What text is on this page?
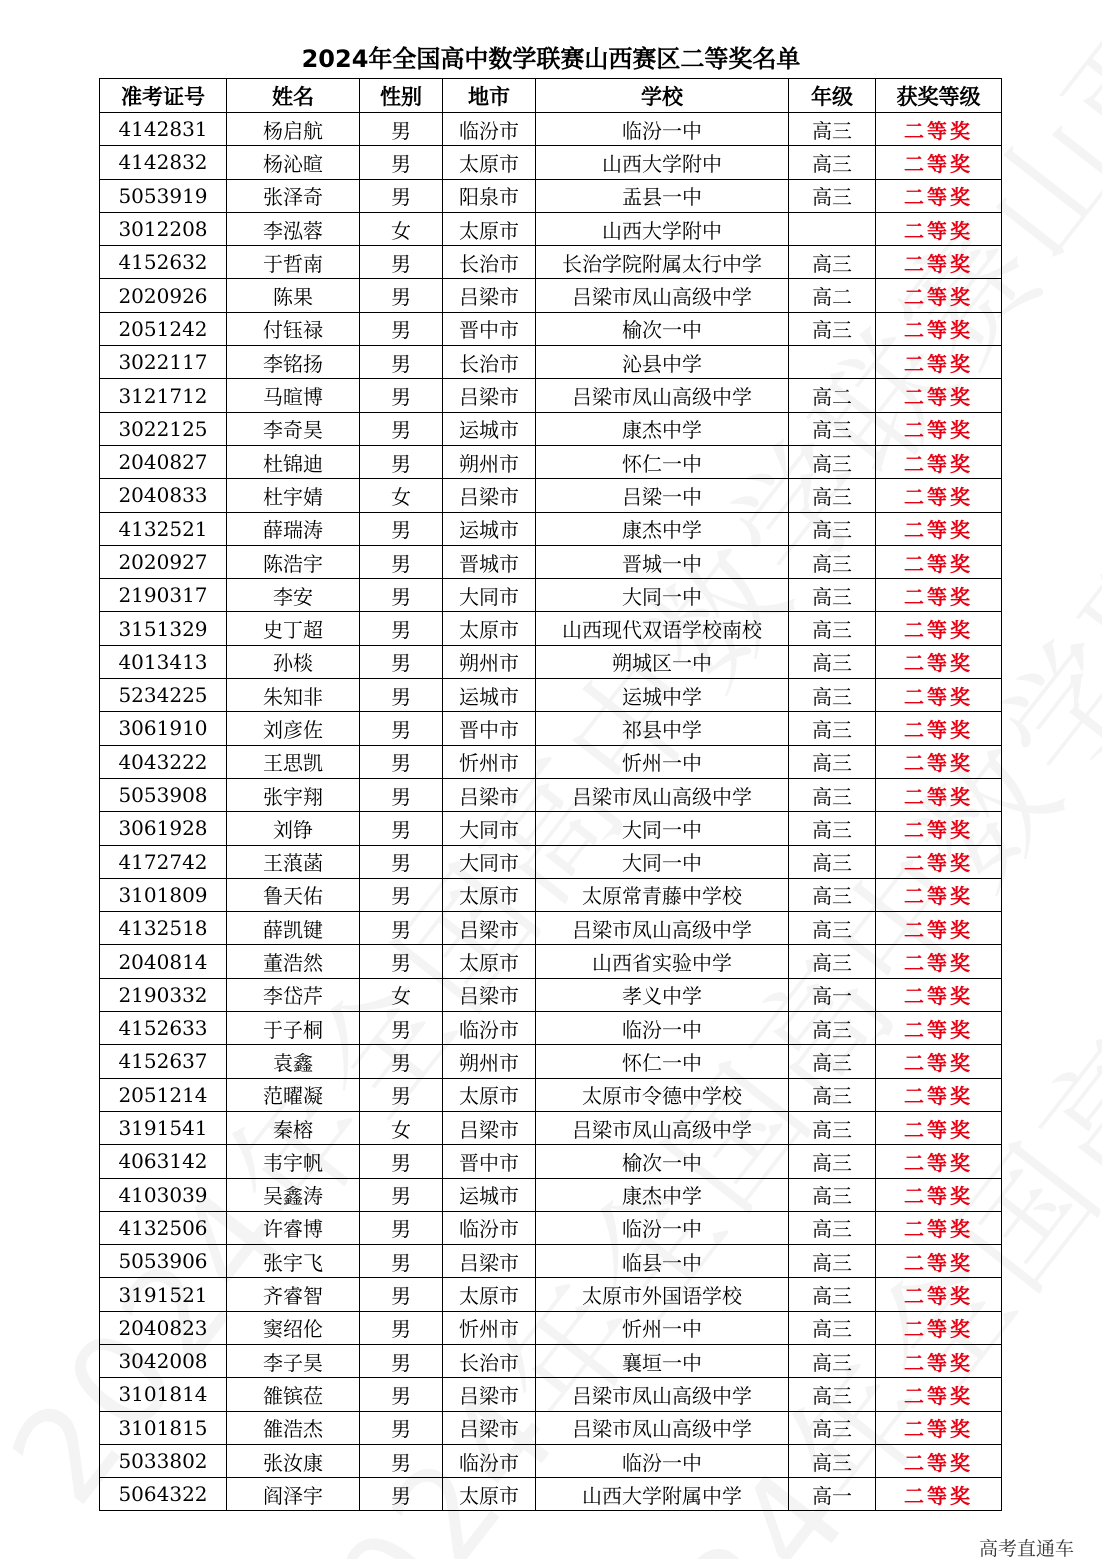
2024年全国高中数学联赛山西赛区二等奖名单
准考证号	姓名	性别	地市	学校	年级	获奖等级
4142831	杨启航	男	临汾市	临汾一中	高三	二等奖
4142832	杨沁暄	男	太原市	山西大学附中	高三	二等奖
5053919	张泽奇	男	阳泉市	盂县一中	高三	二等奖
3012208	李泓蓉	女	太原市	山西大学附中		二等奖
4152632	于哲南	男	长治市	长治学院附属太行中学	高三	二等奖
2020926	陈果	男	吕梁市	吕梁市凤山高级中学	高二	二等奖
2051242	付钰禄	男	晋中市	榆次一中	高三	二等奖
3022117	李铭扬	男	长治市	沁县中学		二等奖
3121712	马暄博	男	吕梁市	吕梁市凤山高级中学	高二	二等奖
3022125	李奇昊	男	运城市	康杰中学	高三	二等奖
2040827	杜锦迪	男	朔州市	怀仁一中	高三	二等奖
2040833	杜宇婧	女	吕梁市	吕梁一中	高三	二等奖
4132521	薛瑞涛	男	运城市	康杰中学	高三	二等奖
2020927	陈浩宇	男	晋城市	晋城一中	高三	二等奖
2190317	李安	男	大同市	大同一中	高三	二等奖
3151329	史丁超	男	太原市	山西现代双语学校南校	高三	二等奖
4013413	孙棪	男	朔州市	朔城区一中	高三	二等奖
5234225	朱知非	男	运城市	运城中学	高三	二等奖
3061910	刘彦佐	男	晋中市	祁县中学	高三	二等奖
4043222	王思凯	男	忻州市	忻州一中	高三	二等奖
5053908	张宇翔	男	吕梁市	吕梁市凤山高级中学	高三	二等奖
3061928	刘铮	男	大同市	大同一中	高三	二等奖
4172742	王蒗菡	男	大同市	大同一中	高三	二等奖
3101809	鲁天佑	男	太原市	太原常青藤中学校	高三	二等奖
4132518	薛凯键	男	吕梁市	吕梁市凤山高级中学	高三	二等奖
2040814	董浩然	男	太原市	山西省实验中学	高三	二等奖
2190332	李岱芹	女	吕梁市	孝义中学	高一	二等奖
4152633	于子桐	男	临汾市	临汾一中	高三	二等奖
4152637	袁鑫	男	朔州市	怀仁一中	高三	二等奖
2051214	范曜凝	男	太原市	太原市令德中学校	高三	二等奖
3191541	秦榕	女	吕梁市	吕梁市凤山高级中学	高三	二等奖
4063142	韦宇帆	男	晋中市	榆次一中	高三	二等奖
4103039	吴鑫涛	男	运城市	康杰中学	高三	二等奖
4132506	许睿博	男	临汾市	临汾一中	高三	二等奖
5053906	张宇飞	男	吕梁市	临县一中	高三	二等奖
3191521	齐睿智	男	太原市	太原市外国语学校	高三	二等奖
2040823	窦绍伦	男	忻州市	忻州一中	高三	二等奖
3042008	李子昊	男	长治市	襄垣一中	高三	二等奖
3101814	雒镔莅	男	吕梁市	吕梁市凤山高级中学	高三	二等奖
3101815	雒浩杰	男	吕梁市	吕梁市凤山高级中学	高三	二等奖
5033802	张汝康	男	临汾市	临汾一中	高三	二等奖
5064322	阎泽宇	男	太原市	山西大学附属中学	高一	二等奖
高考直通车
